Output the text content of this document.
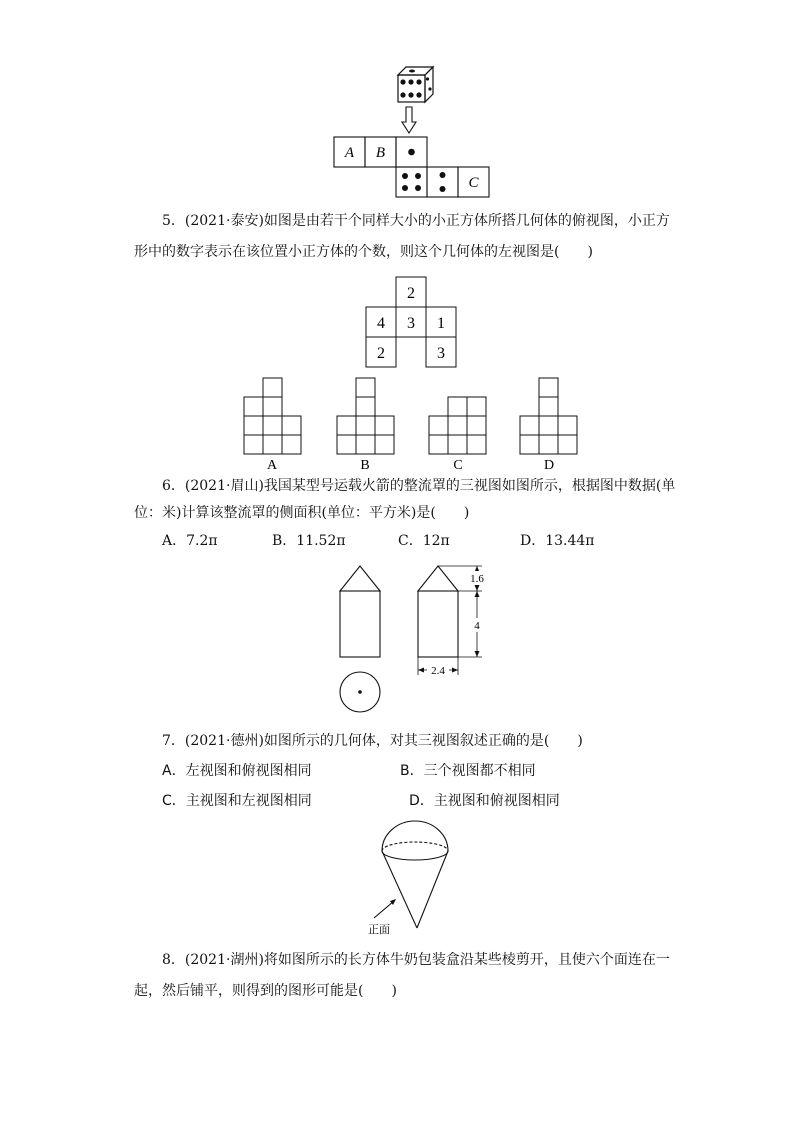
A B
C
5．(2021·泰安)如图是由若干个同样大小的小正方体所搭几何体的俯视图，小正方
形中的数字表示在该位置小正方体的个数，则这个几何体的左视图是(　　)
2
4 3 1
2	3
A	B	C	D
6．(2021·眉山)我国某型号运载火箭的整流罩的三视图如图所示，根据图中数据(单
位：米)计算该整流罩的侧面积(单位：平方米)是(　　)
A．7.2π	B．11.52π	C．12π	D．13.44π
1.6
4
2.4
7．(2021·德州)如图所示的几何体，对其三视图叙述正确的是(　　)
A．左视图和俯视图相同	B．三个视图都不相同
C．主视图和左视图相同	D．主视图和俯视图相同
正面
8．(2021·湖州)将如图所示的长方体牛奶包装盒沿某些棱剪开，且使六个面连在一
起，然后铺平，则得到的图形可能是(　　)
